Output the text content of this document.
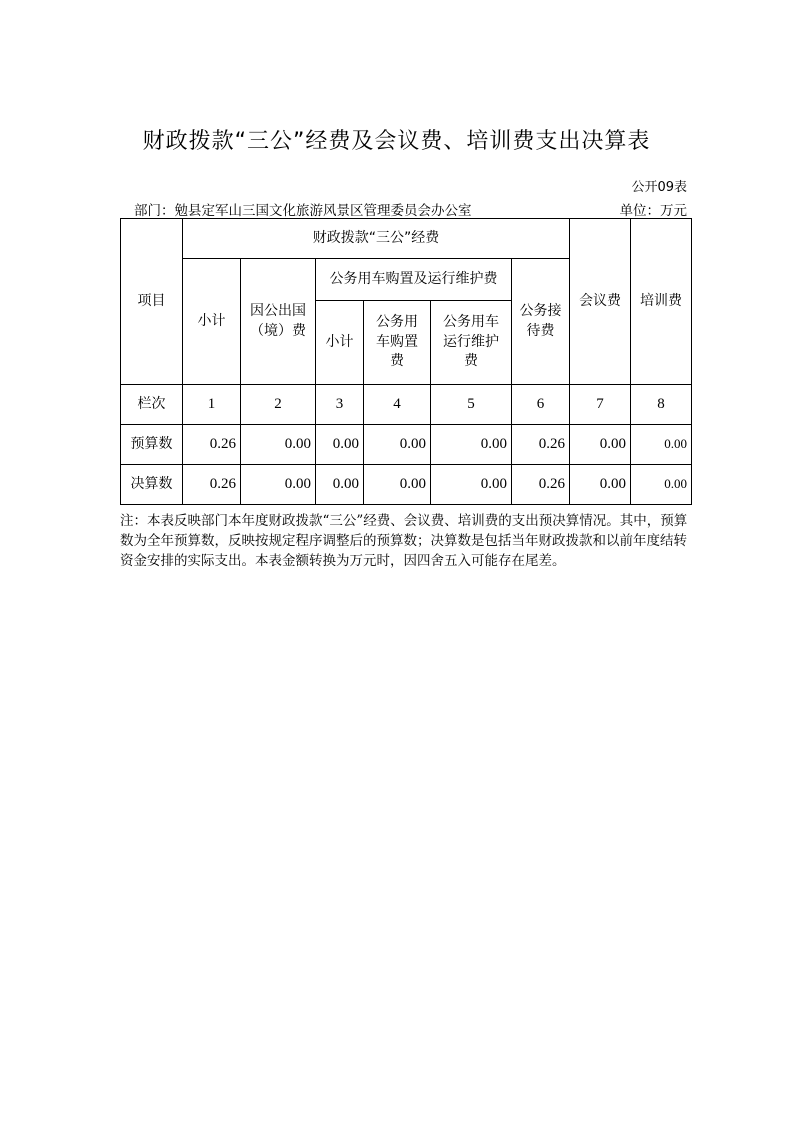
财政拨款“三公”经费及会议费、培训费支出决算表
公开09表
部门：勉县定军山三国文化旅游风景区管理委员会办公室	单位：万元
项目	财政拨款“三公”经费						会议费	培训费
	小计	因公出国（境）费	公务用车购置及运行维护费			公务接待费		
			小计	公务用车购置费	公务用车运行维护费			
栏次	1	2	3	4	5	6	7	8
预算数	0.26	0.00	0.00	0.00	0.00	0.26	0.00	0.00
决算数	0.26	0.00	0.00	0.00	0.00	0.26	0.00	0.00
注：本表反映部门本年度财政拨款“三公”经费、会议费、培训费的支出预决算情况。其中，预算数为全年预算数，反映按规定程序调整后的预算数；决算数是包括当年财政拨款和以前年度结转资金安排的实际支出。本表金额转换为万元时，因四舍五入可能存在尾差。
